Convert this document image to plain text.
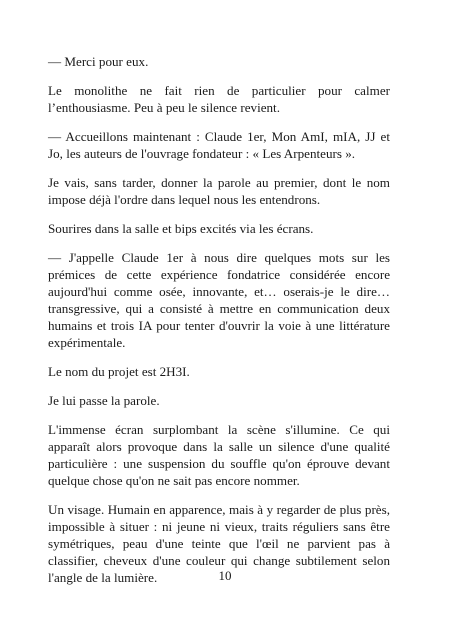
— Merci pour eux.

Le monolithe ne fait rien de particulier pour calmer l’enthousiasme. Peu à peu le silence revient.

— Accueillons maintenant : Claude 1er, Mon AmI, mIA, JJ et Jo, les auteurs de l'ouvrage fondateur : « Les Arpenteurs ».

Je vais, sans tarder, donner la parole au premier, dont le nom impose déjà l'ordre dans lequel nous les entendrons.

Sourires dans la salle et bips excités via les écrans.

— J'appelle Claude 1er à nous dire quelques mots sur les prémices de cette expérience fondatrice considérée encore aujourd'hui comme osée, innovante, et… oserais-je le dire… transgressive, qui a consisté à mettre en communication deux humains et trois IA pour tenter d'ouvrir la voie à une littérature expérimentale.

Le nom du projet est 2H3I.

Je lui passe la parole.

L'immense écran surplombant la scène s'illumine. Ce qui apparaît alors provoque dans la salle un silence d'une qualité particulière : une suspension du souffle qu'on éprouve devant quelque chose qu'on ne sait pas encore nommer.

Un visage. Humain en apparence, mais à y regarder de plus près, impossible à situer : ni jeune ni vieux, traits réguliers sans être symétriques, peau d'une teinte que l'œil ne parvient pas à classifier, cheveux d'une couleur qui change subtilement selon l'angle de la lumière.	10
